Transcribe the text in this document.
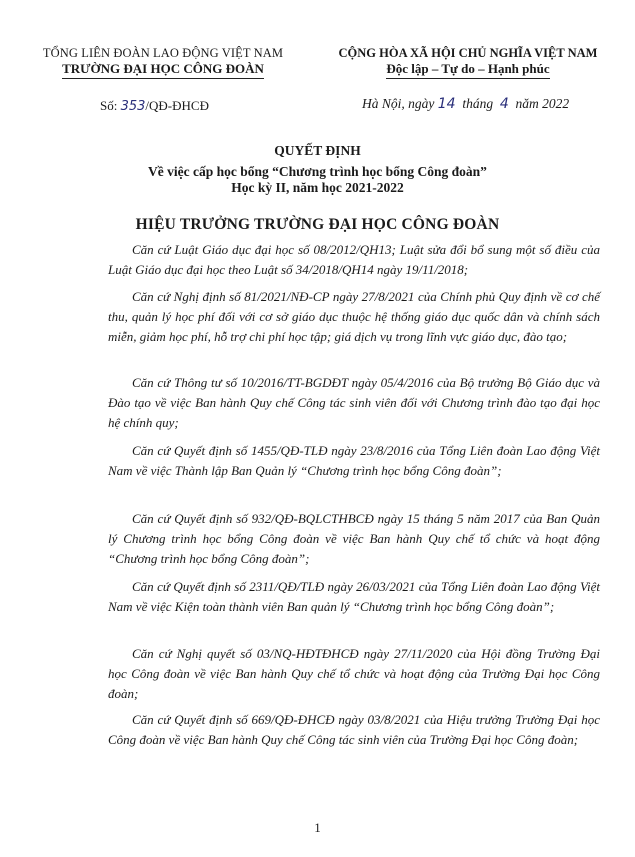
TỔNG LIÊN ĐOÀN LAO ĐỘNG VIỆT NAM
TRƯỜNG ĐẠI HỌC CÔNG ĐOÀN
CỘNG HÒA XÃ HỘI CHỦ NGHĨA VIỆT NAM
Độc lập – Tự do – Hạnh phúc
Số: 353/QĐ-ĐHCĐ	Hà Nội, ngày 14 tháng 4 năm 2022
QUYẾT ĐỊNH
Về việc cấp học bổng “Chương trình học bổng Công đoàn”
Học kỳ II, năm học 2021-2022
HIỆU TRƯỞNG TRƯỜNG ĐẠI HỌC CÔNG ĐOÀN

Căn cứ Luật Giáo dục đại học số 08/2012/QH13; Luật sửa đổi bổ sung một số điều của Luật Giáo dục đại học theo Luật số 34/2018/QH14 ngày 19/11/2018;

Căn cứ Nghị định số 81/2021/NĐ-CP ngày 27/8/2021 của Chính phủ Quy định về cơ chế thu, quản lý học phí đối với cơ sở giáo dục thuộc hệ thống giáo dục quốc dân và chính sách miễn, giảm học phí, hỗ trợ chi phí học tập; giá dịch vụ trong lĩnh vực giáo dục, đào tạo;

Căn cứ Thông tư số 10/2016/TT-BGDĐT ngày 05/4/2016 của Bộ trưởng Bộ Giáo dục và Đào tạo về việc Ban hành Quy chế Công tác sinh viên đối với Chương trình đào tạo đại học hệ chính quy;

Căn cứ Quyết định số 1455/QĐ-TLĐ ngày 23/8/2016 của Tổng Liên đoàn Lao động Việt Nam về việc Thành lập Ban Quản lý “Chương trình học bổng Công đoàn”;

Căn cứ Quyết định số 932/QĐ-BQLCTHBCĐ ngày 15 tháng 5 năm 2017 của Ban Quản lý Chương trình học bổng Công đoàn về việc Ban hành Quy chế tổ chức và hoạt động “Chương trình học bổng Công đoàn”;

Căn cứ Quyết định số 2311/QĐ/TLĐ ngày 26/03/2021 của Tổng Liên đoàn Lao động Việt Nam về việc Kiện toàn thành viên Ban quản lý “Chương trình học bổng Công đoàn”;

Căn cứ Nghị quyết số 03/NQ-HĐTĐHCĐ ngày 27/11/2020 của Hội đồng Trường Đại học Công đoàn về việc Ban hành Quy chế tổ chức và hoạt động của Trường Đại học Công đoàn;

Căn cứ Quyết định số 669/QĐ-ĐHCĐ ngày 03/8/2021 của Hiệu trưởng Trường Đại học Công đoàn về việc Ban hành Quy chế Công tác sinh viên của Trường Đại học Công đoàn;

1
